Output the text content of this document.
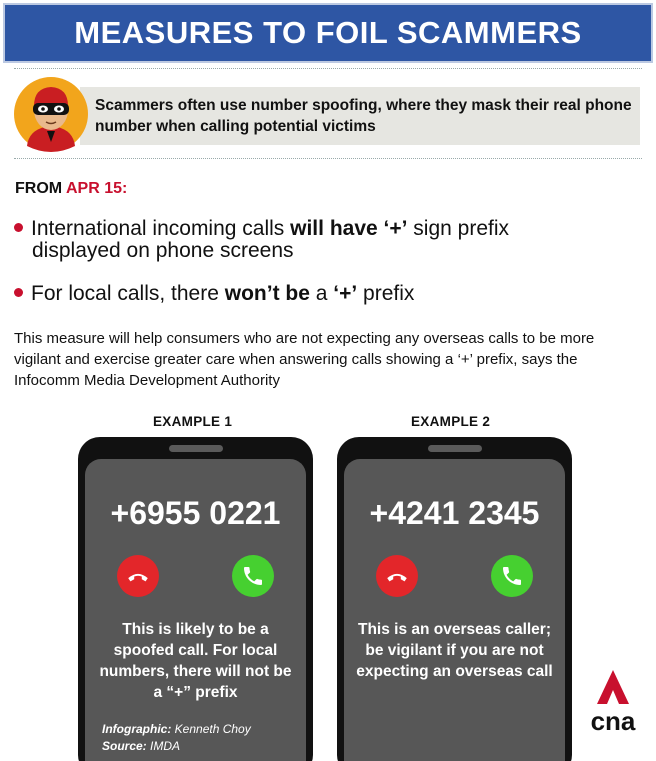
MEASURES TO FOIL SCAMMERS
Scammers often use number spoofing, where they mask their real phone number when calling potential victims
FROM APR 15:
International incoming calls will have ‘+’ sign prefix
displayed on phone screens
For local calls, there won’t be a ‘+’ prefix
This measure will help consumers who are not expecting any overseas calls to be more vigilant and exercise greater care when answering calls showing a ‘+’ prefix, says the Infocomm Media Development Authority
EXAMPLE 1	EXAMPLE 2
+6955 0221
This is likely to be a spoofed call. For local numbers, there will not be a “+” prefix
Infographic: Kenneth Choy
Source: IMDA
+4241 2345
This is an overseas caller; be vigilant if you are not expecting an overseas call
cna
